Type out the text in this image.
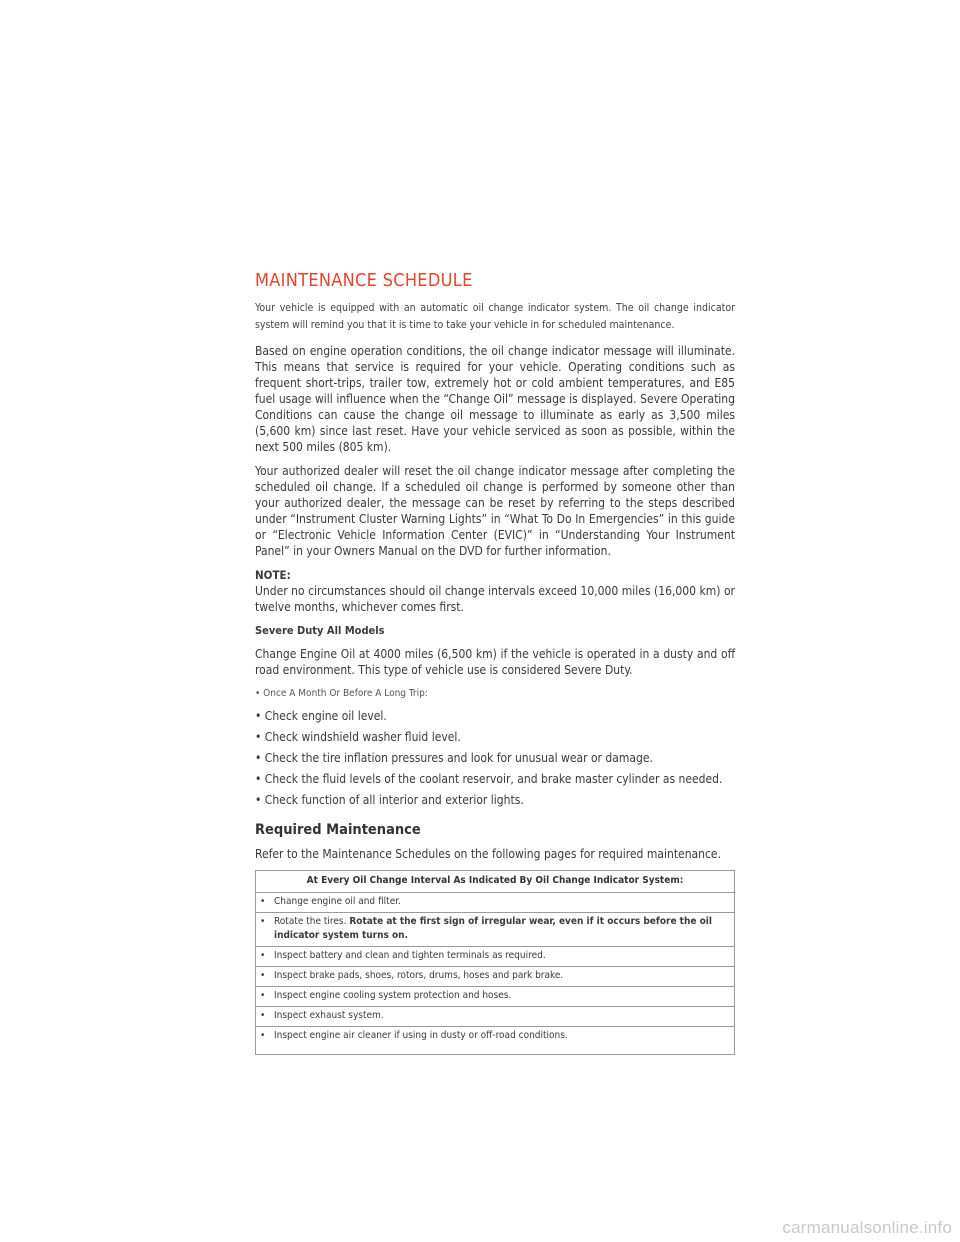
MAINTENANCE SCHEDULE

Your vehicle is equipped with an automatic oil change indicator system. The oil change indicator system will remind you that it is time to take your vehicle in for scheduled maintenance.

Based on engine operation conditions, the oil change indicator message will illuminate. This means that service is required for your vehicle. Operating conditions such as frequent short-trips, trailer tow, extremely hot or cold ambient temperatures, and E85 fuel usage will influence when the “Change Oil” message is displayed. Severe Operating Conditions can cause the change oil message to illuminate as early as 3,500 miles (5,600 km) since last reset. Have your vehicle serviced as soon as possible, within the next 500 miles (805 km).

Your authorized dealer will reset the oil change indicator message after completing the scheduled oil change. If a scheduled oil change is performed by someone other than your authorized dealer, the message can be reset by referring to the steps described under “Instrument Cluster Warning Lights” in “What To Do In Emergencies” in this guide or “Electronic Vehicle Information Center (EVIC)” in “Understanding Your Instrument Panel” in your Owners Manual on the DVD for further information.

NOTE:

Under no circumstances should oil change intervals exceed 10,000 miles (16,000 km) or twelve months, whichever comes first.

Severe Duty All Models

Change Engine Oil at 4000 miles (6,500 km) if the vehicle is operated in a dusty and off road environment. This type of vehicle use is considered Severe Duty.

• Once A Month Or Before A Long Trip:

• Check engine oil level.
• Check windshield washer fluid level.
• Check the tire inflation pressures and look for unusual wear or damage.
• Check the fluid levels of the coolant reservoir, and brake master cylinder as needed.
• Check function of all interior and exterior lights.
Required Maintenance

Refer to the Maintenance Schedules on the following pages for required maintenance.

At Every Oil Change Interval As Indicated By Oil Change Indicator System:

• Change engine oil and filter.

• Rotate the tires. Rotate at the first sign of irregular wear, even if it occurs before the oil indicator system turns on.

• Inspect battery and clean and tighten terminals as required.

• Inspect brake pads, shoes, rotors, drums, hoses and park brake.

• Inspect engine cooling system protection and hoses.

• Inspect exhaust system.

• Inspect engine air cleaner if using in dusty or off-road conditions.
carmanualsonline.info
